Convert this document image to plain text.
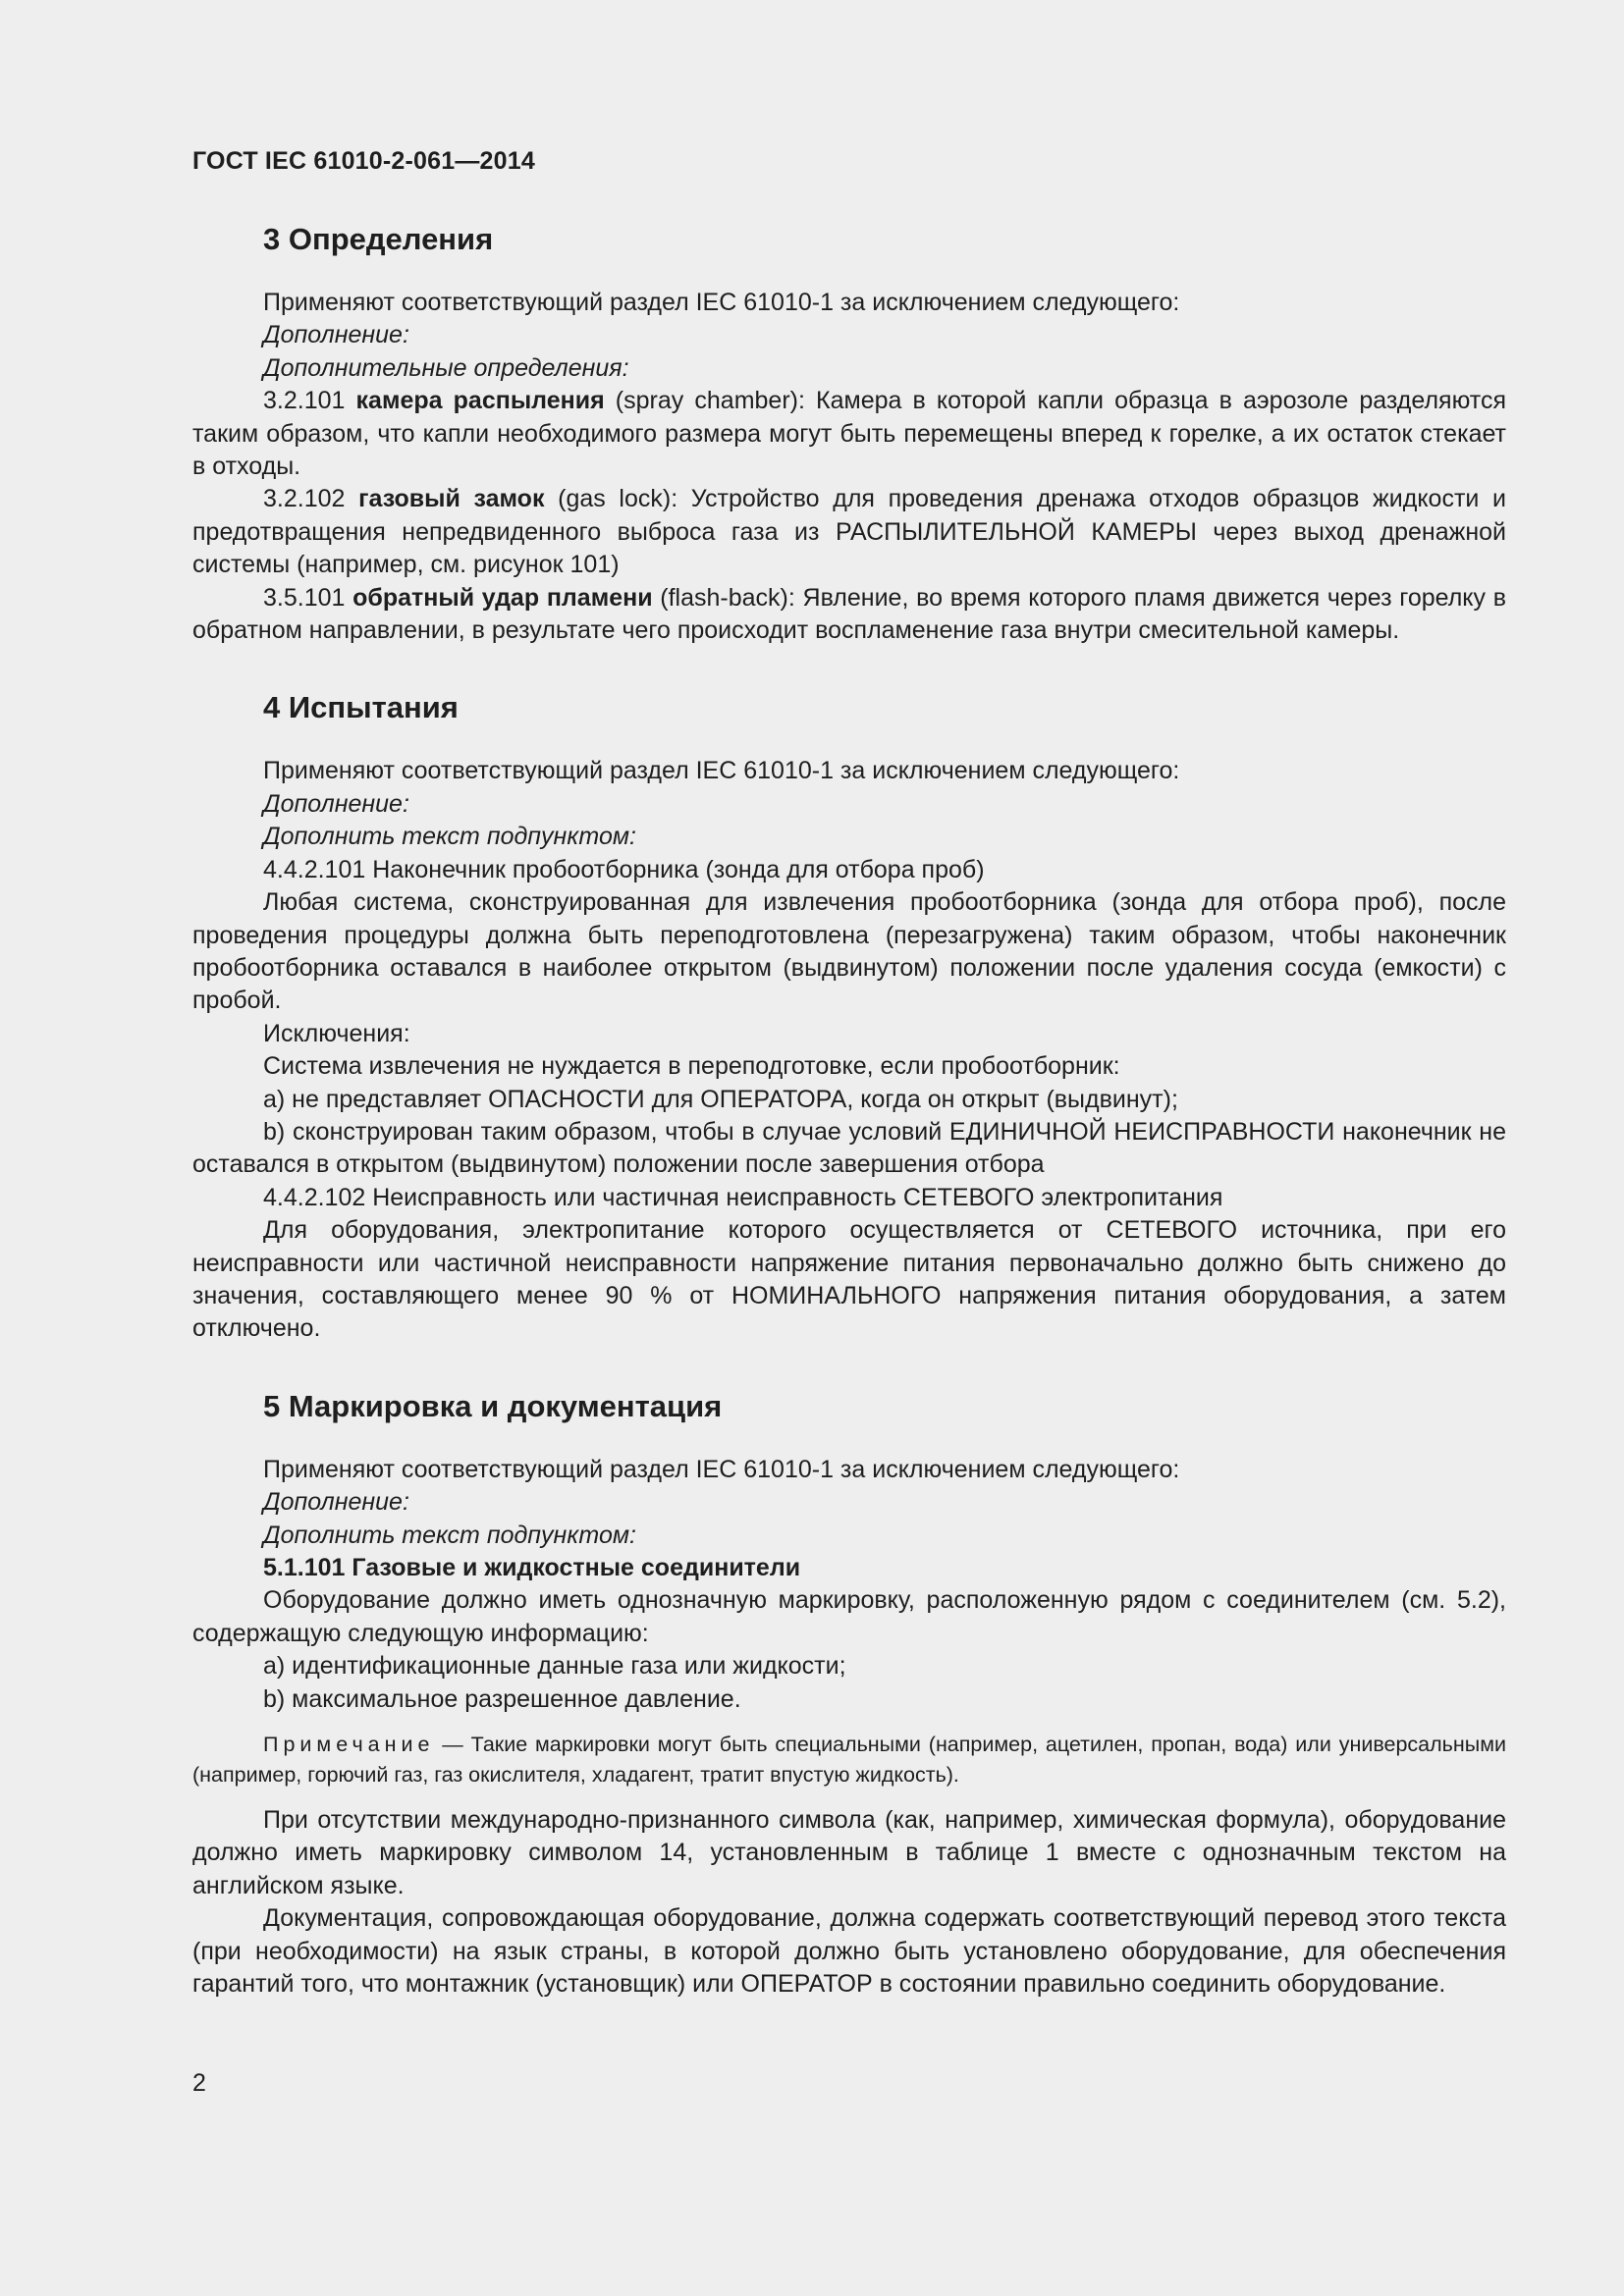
ГОСТ IEC 61010-2-061—2014
3 Определения

Применяют соответствующий раздел IEC 61010-1 за исключением следующего:

Дополнение:

Дополнительные определения:

3.2.101 камера распыления (spray chamber): Камера в которой капли образца в аэрозоле разделяются таким образом, что капли необходимого размера могут быть перемещены вперед к горелке, а их остаток стекает в отходы.

3.2.102 газовый замок (gas lock): Устройство для проведения дренажа отходов образцов жидкости и предотвращения непредвиденного выброса газа из РАСПЫЛИТЕЛЬНОЙ КАМЕРЫ через выход дренажной системы (например, см. рисунок 101)

3.5.101 обратный удар пламени (flash-back): Явление, во время которого пламя движется через горелку в обратном направлении, в результате чего происходит воспламенение газа внутри смесительной камеры.

4 Испытания

Применяют соответствующий раздел IEC 61010-1 за исключением следующего:

Дополнение:

Дополнить текст подпунктом:

4.4.2.101 Наконечник пробоотборника (зонда для отбора проб)

Любая система, сконструированная для извлечения пробоотборника (зонда для отбора проб), после проведения процедуры должна быть переподготовлена (перезагружена) таким образом, чтобы наконечник пробоотборника оставался в наиболее открытом (выдвинутом) положении после удаления сосуда (емкости) с пробой.

Исключения:

Система извлечения не нуждается в переподготовке, если пробоотборник:

a) не представляет ОПАСНОСТИ для ОПЕРАТОРА, когда он открыт (выдвинут);

b) сконструирован таким образом, чтобы в случае условий ЕДИНИЧНОЙ НЕИСПРАВНОСТИ наконечник не оставался в открытом (выдвинутом) положении после завершения отбора

4.4.2.102 Неисправность или частичная неисправность СЕТЕВОГО электропитания

Для оборудования, электропитание которого осуществляется от СЕТЕВОГО источника, при его неисправности или частичной неисправности напряжение питания первоначально должно быть снижено до значения, составляющего менее 90 % от НОМИНАЛЬНОГО напряжения питания оборудования, а затем отключено.

5 Маркировка и документация

Применяют соответствующий раздел IEC 61010-1 за исключением следующего:

Дополнение:

Дополнить текст подпунктом:

5.1.101 Газовые и жидкостные соединители

Оборудование должно иметь однозначную маркировку, расположенную рядом с соединителем (см. 5.2), содержащую следующую информацию:

a) идентификационные данные газа или жидкости;

b) максимальное разрешенное давление.

Примечание — Такие маркировки могут быть специальными (например, ацетилен, пропан, вода) или универсальными (например, горючий газ, газ окислителя, хладагент, тратит впустую жидкость).

При отсутствии международно-признанного символа (как, например, химическая формула), оборудование должно иметь маркировку символом 14, установленным в таблице 1 вместе с однозначным текстом на английском языке.

Документация, сопровождающая оборудование, должна содержать соответствующий перевод этого текста (при необходимости) на язык страны, в которой должно быть установлено оборудование, для обеспечения гарантий того, что монтажник (установщик) или ОПЕРАТОР в состоянии правильно соединить оборудование.

2
